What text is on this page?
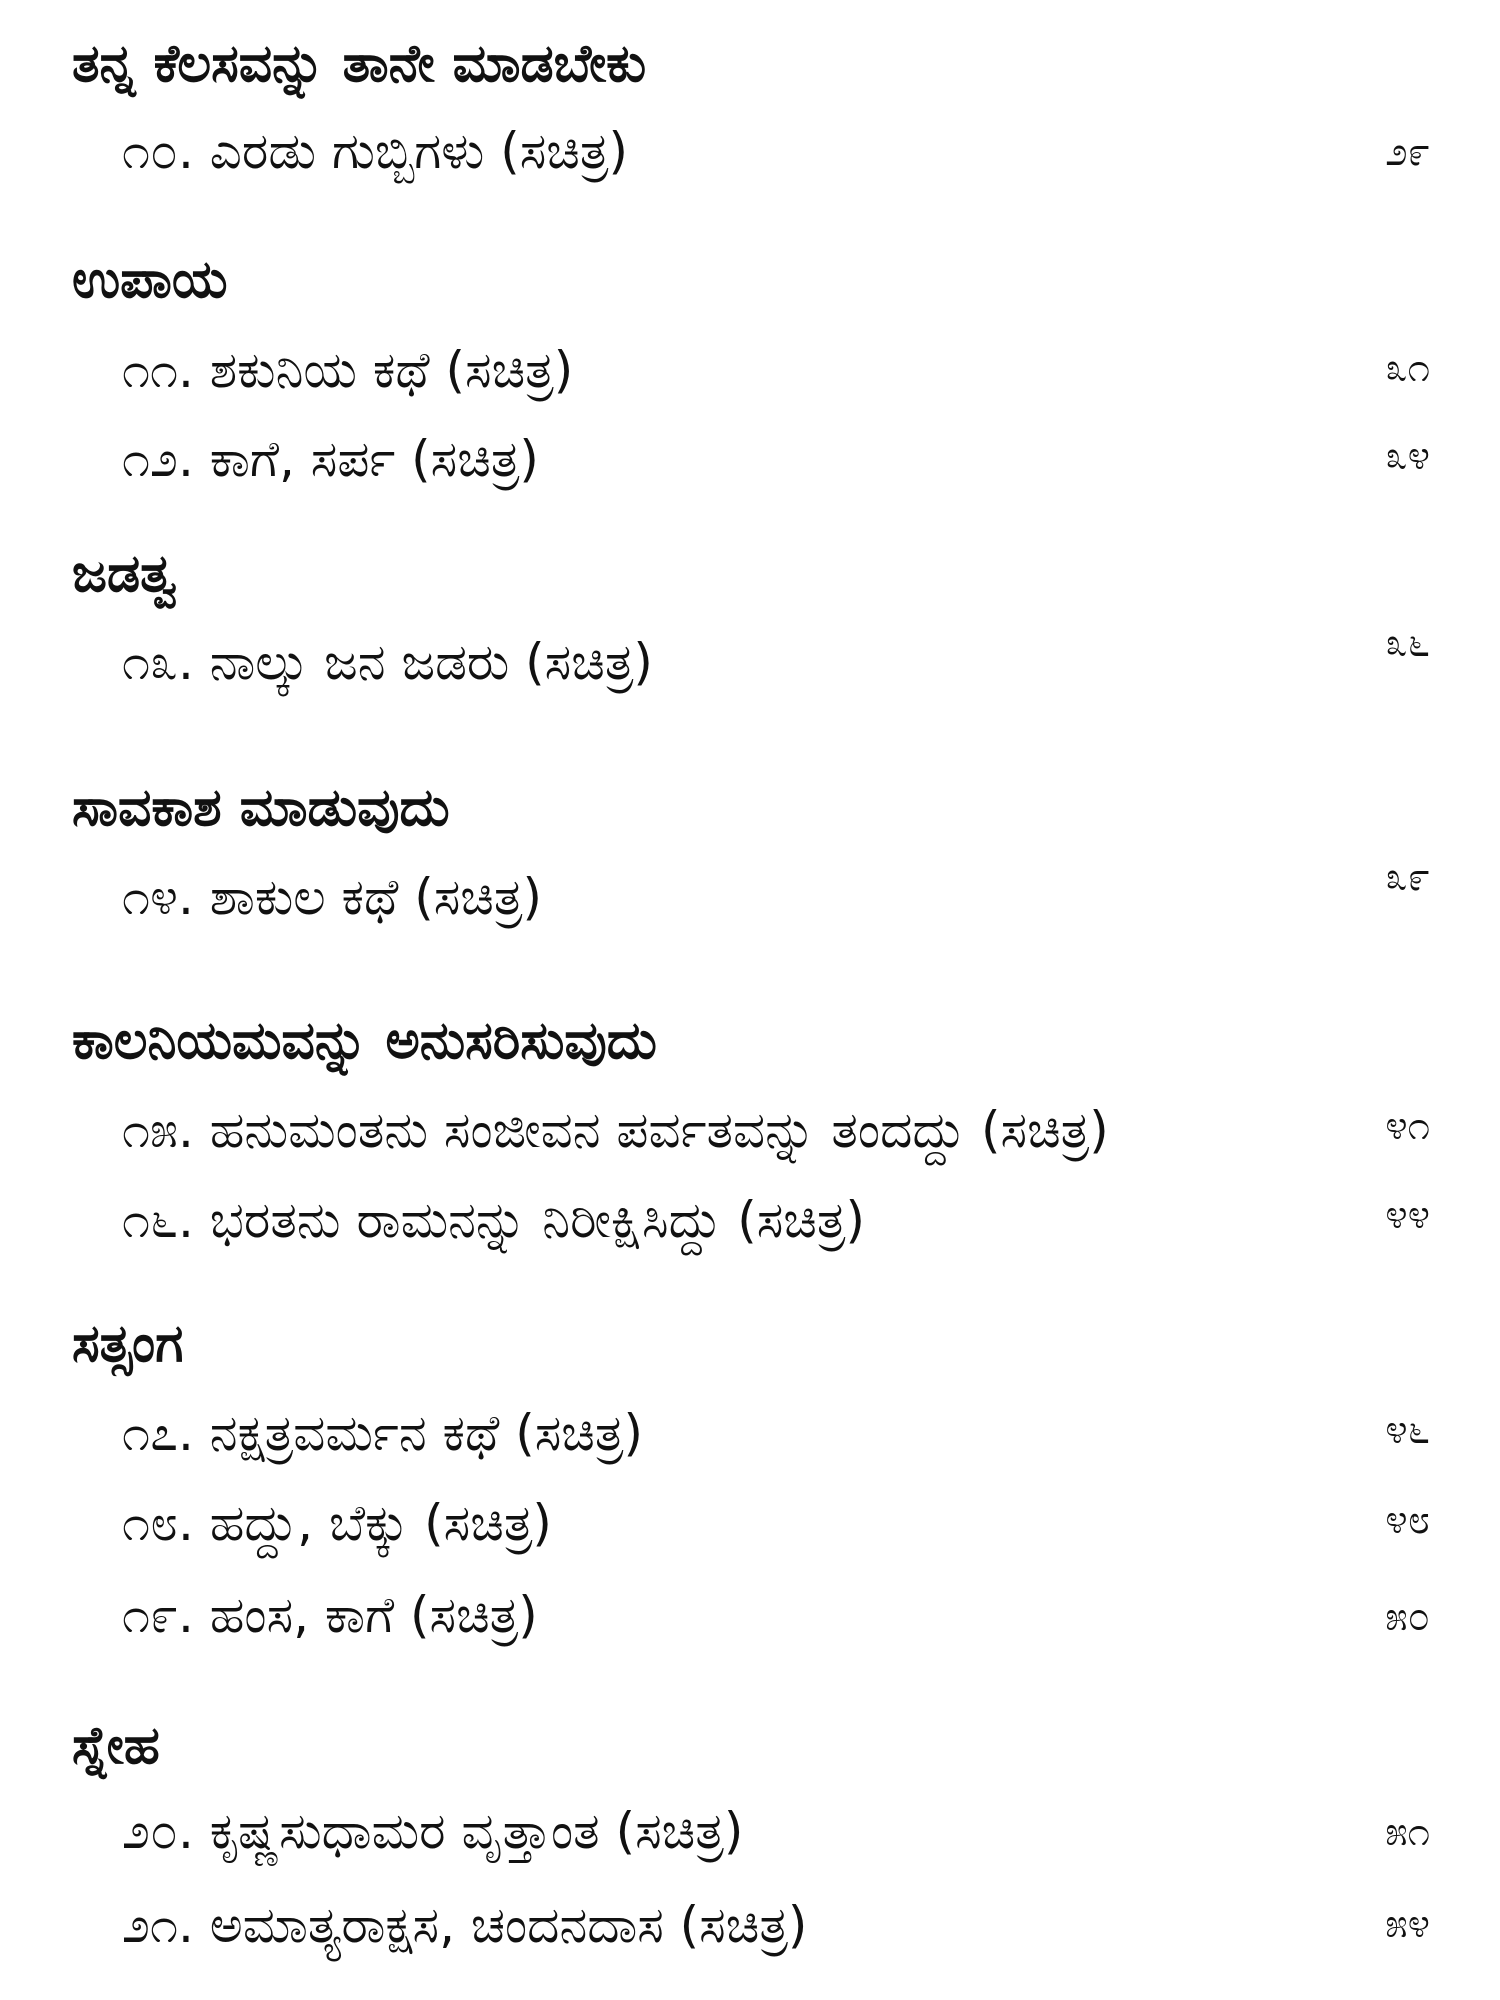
ತನ್ನ ಕೆಲಸವನ್ನು ತಾನೇ ಮಾಡಬೇಕು
೧೦. ಎರಡು ಗುಬ್ಬಿಗಳು (ಸಚಿತ್ರ)	೨೯
ಉಪಾಯ
೧೧. ಶಕುನಿಯ ಕಥೆ (ಸಚಿತ್ರ)	೩೧
೧೨. ಕಾಗೆ, ಸರ್ಪ (ಸಚಿತ್ರ)	೩೪
ಜಡತ್ವ
೧೩. ನಾಲ್ಕು ಜನ ಜಡರು (ಸಚಿತ್ರ)	೩೬
ಸಾವಕಾಶ ಮಾಡುವುದು
೧೪. ಶಾಕುಲ ಕಥೆ (ಸಚಿತ್ರ)	೩೯
ಕಾಲನಿಯಮವನ್ನು ಅನುಸರಿಸುವುದು
೧೫. ಹನುಮಂತನು ಸಂಜೀವನ ಪರ್ವತವನ್ನು ತಂದದ್ದು (ಸಚಿತ್ರ)	೪೧
೧೬. ಭರತನು ರಾಮನನ್ನು ನಿರೀಕ್ಷಿಸಿದ್ದು (ಸಚಿತ್ರ)	೪೪
ಸತ್ಸಂಗ
೧೭. ನಕ್ಷತ್ರವರ್ಮನ ಕಥೆ (ಸಚಿತ್ರ)	೪೬
೧೮. ಹದ್ದು, ಬೆಕ್ಕು (ಸಚಿತ್ರ)	೪೮
೧೯. ಹಂಸ, ಕಾಗೆ (ಸಚಿತ್ರ)	೫೦
ಸ್ನೇಹ
೨೦. ಕೃಷ್ಣಸುಧಾಮರ ವೃತ್ತಾಂತ (ಸಚಿತ್ರ)	೫೧
೨೧. ಅಮಾತ್ಯರಾಕ್ಷಸ, ಚಂದನದಾಸ (ಸಚಿತ್ರ)	೫೪
